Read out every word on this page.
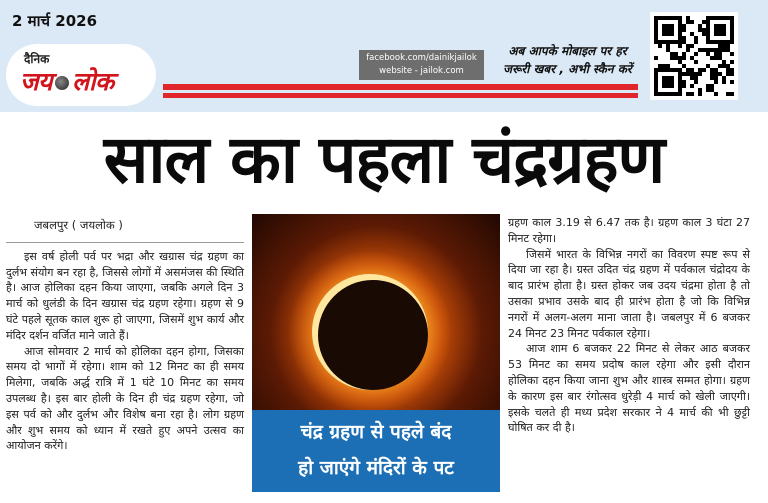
2 मार्च 2026
दैनिक
जय लोक
facebook.com/dainikjailok
website - jailok.com
अब आपके मोबाइल पर हर
जरूरी खबर , अभी स्कैन करें
साल का पहला चंद्रग्रहण

जबलपुर ( जयलोक )

इस वर्ष होली पर्व पर भद्रा और खग्रास चंद्र ग्रहण का दुर्लभ संयोग बन रहा है, जिससे लोगों में असमंजस की स्थिति है। आज होलिका दहन किया जाएगा, जबकि अगले दिन 3 मार्च को धुलंडी के दिन खग्रास चंद्र ग्रहण रहेगा। ग्रहण से 9 घंटे पहले सूतक काल शुरू हो जाएगा, जिसमें शुभ कार्य और मंदिर दर्शन वर्जित माने जाते हैं।

आज सोमवार 2 मार्च को होलिका दहन होगा, जिसका समय दो भागों में रहेगा। शाम को 12 मिनट का ही समय मिलेगा, जबकि अर्द्ध रात्रि में 1 घंटे 10 मिनट का समय उपलब्ध है। इस बार होली के दिन ही चंद्र ग्रहण रहेगा, जो इस पर्व को और दुर्लभ और विशेष बना रहा है। लोग ग्रहण और शुभ समय को ध्यान में रखते हुए अपने उत्सव का आयोजन करेंगे।

चंद्र ग्रहण से पहले बंद
हो जाएंगे मंदिरों के पट

ग्रहण काल 3.19 से 6.47 तक है। ग्रहण काल 3 घंटा 27 मिनट रहेगा।

जिसमें भारत के विभिन्न नगरों का विवरण स्पष्ट रूप से दिया जा रहा है। ग्रस्त उदित चंद्र ग्रहण में पर्वकाल चंद्रोदय के बाद प्रारंभ होता है। ग्रस्त होकर जब उदय चंद्रमा होता है तो उसका प्रभाव उसके बाद ही प्रारंभ होता है जो कि विभिन्न नगरों में अलग-अलग माना जाता है। जबलपुर में 6 बजकर 24 मिनट 23 मिनट पर्वकाल रहेगा।

आज शाम 6 बजकर 22 मिनट से लेकर आठ बजकर 53 मिनट का समय प्रदोष काल रहेगा और इसी दौरान होलिका दहन किया जाना शुभ और शास्त्र सम्मत होगा। ग्रहण के कारण इस बार रंगोत्सव धुरेड़ी 4 मार्च को खेली जाएगी। इसके चलते ही मध्य प्रदेश सरकार ने 4 मार्च की भी छुट्टी घोषित कर दी है।
